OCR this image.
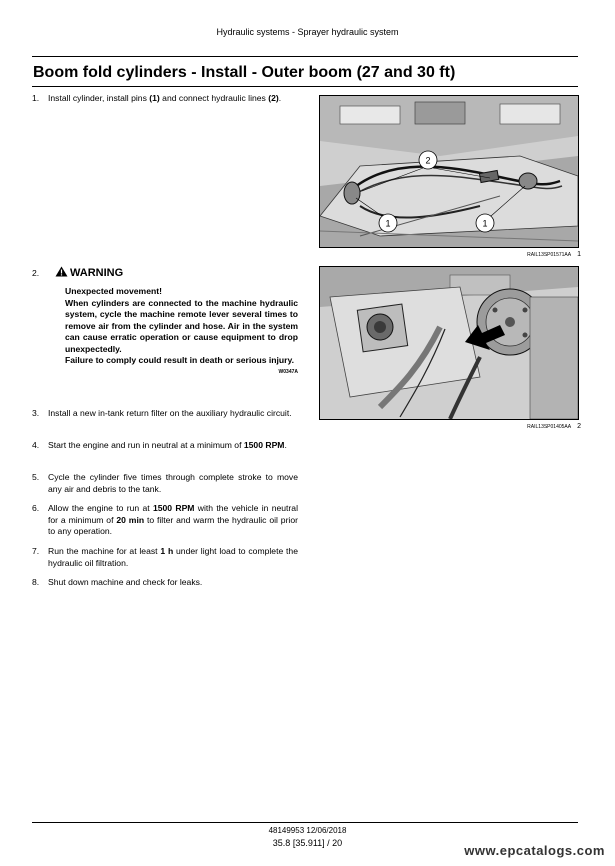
Hydraulic systems - Sprayer hydraulic system
Boom fold cylinders - Install - Outer boom (27 and 30 ft)
1. Install cylinder, install pins (1) and connect hydraulic lines (2).
2.	WARNING
Unexpected movement!
When cylinders are connected to the machine hydraulic system, cycle the machine remote lever several times to remove air from the cylinder and hose. Air in the system can cause erratic operation or cause equipment to drop unexpectedly.
Failure to comply could result in death or serious injury.
W0347A
3. Install a new in-tank return filter on the auxiliary hydraulic circuit.
4. Start the engine and run in neutral at a minimum of 1500 RPM.
5. Cycle the cylinder five times through complete stroke to move any air and debris to the tank.
6. Allow the engine to run at 1500 RPM with the vehicle in neutral for a minimum of 20 min to filter and warm the hydraulic oil prior to any operation.
7. Run the machine for at least 1 h under light load to complete the hydraulic oil filtration.
8. Shut down machine and check for leaks.
2
1	1
RAIL13SP01571AA 1
RAIL13SP01405AA 2
48149953 12/06/2018
35.8 [35.911] / 20	www.epcatalogs.com
